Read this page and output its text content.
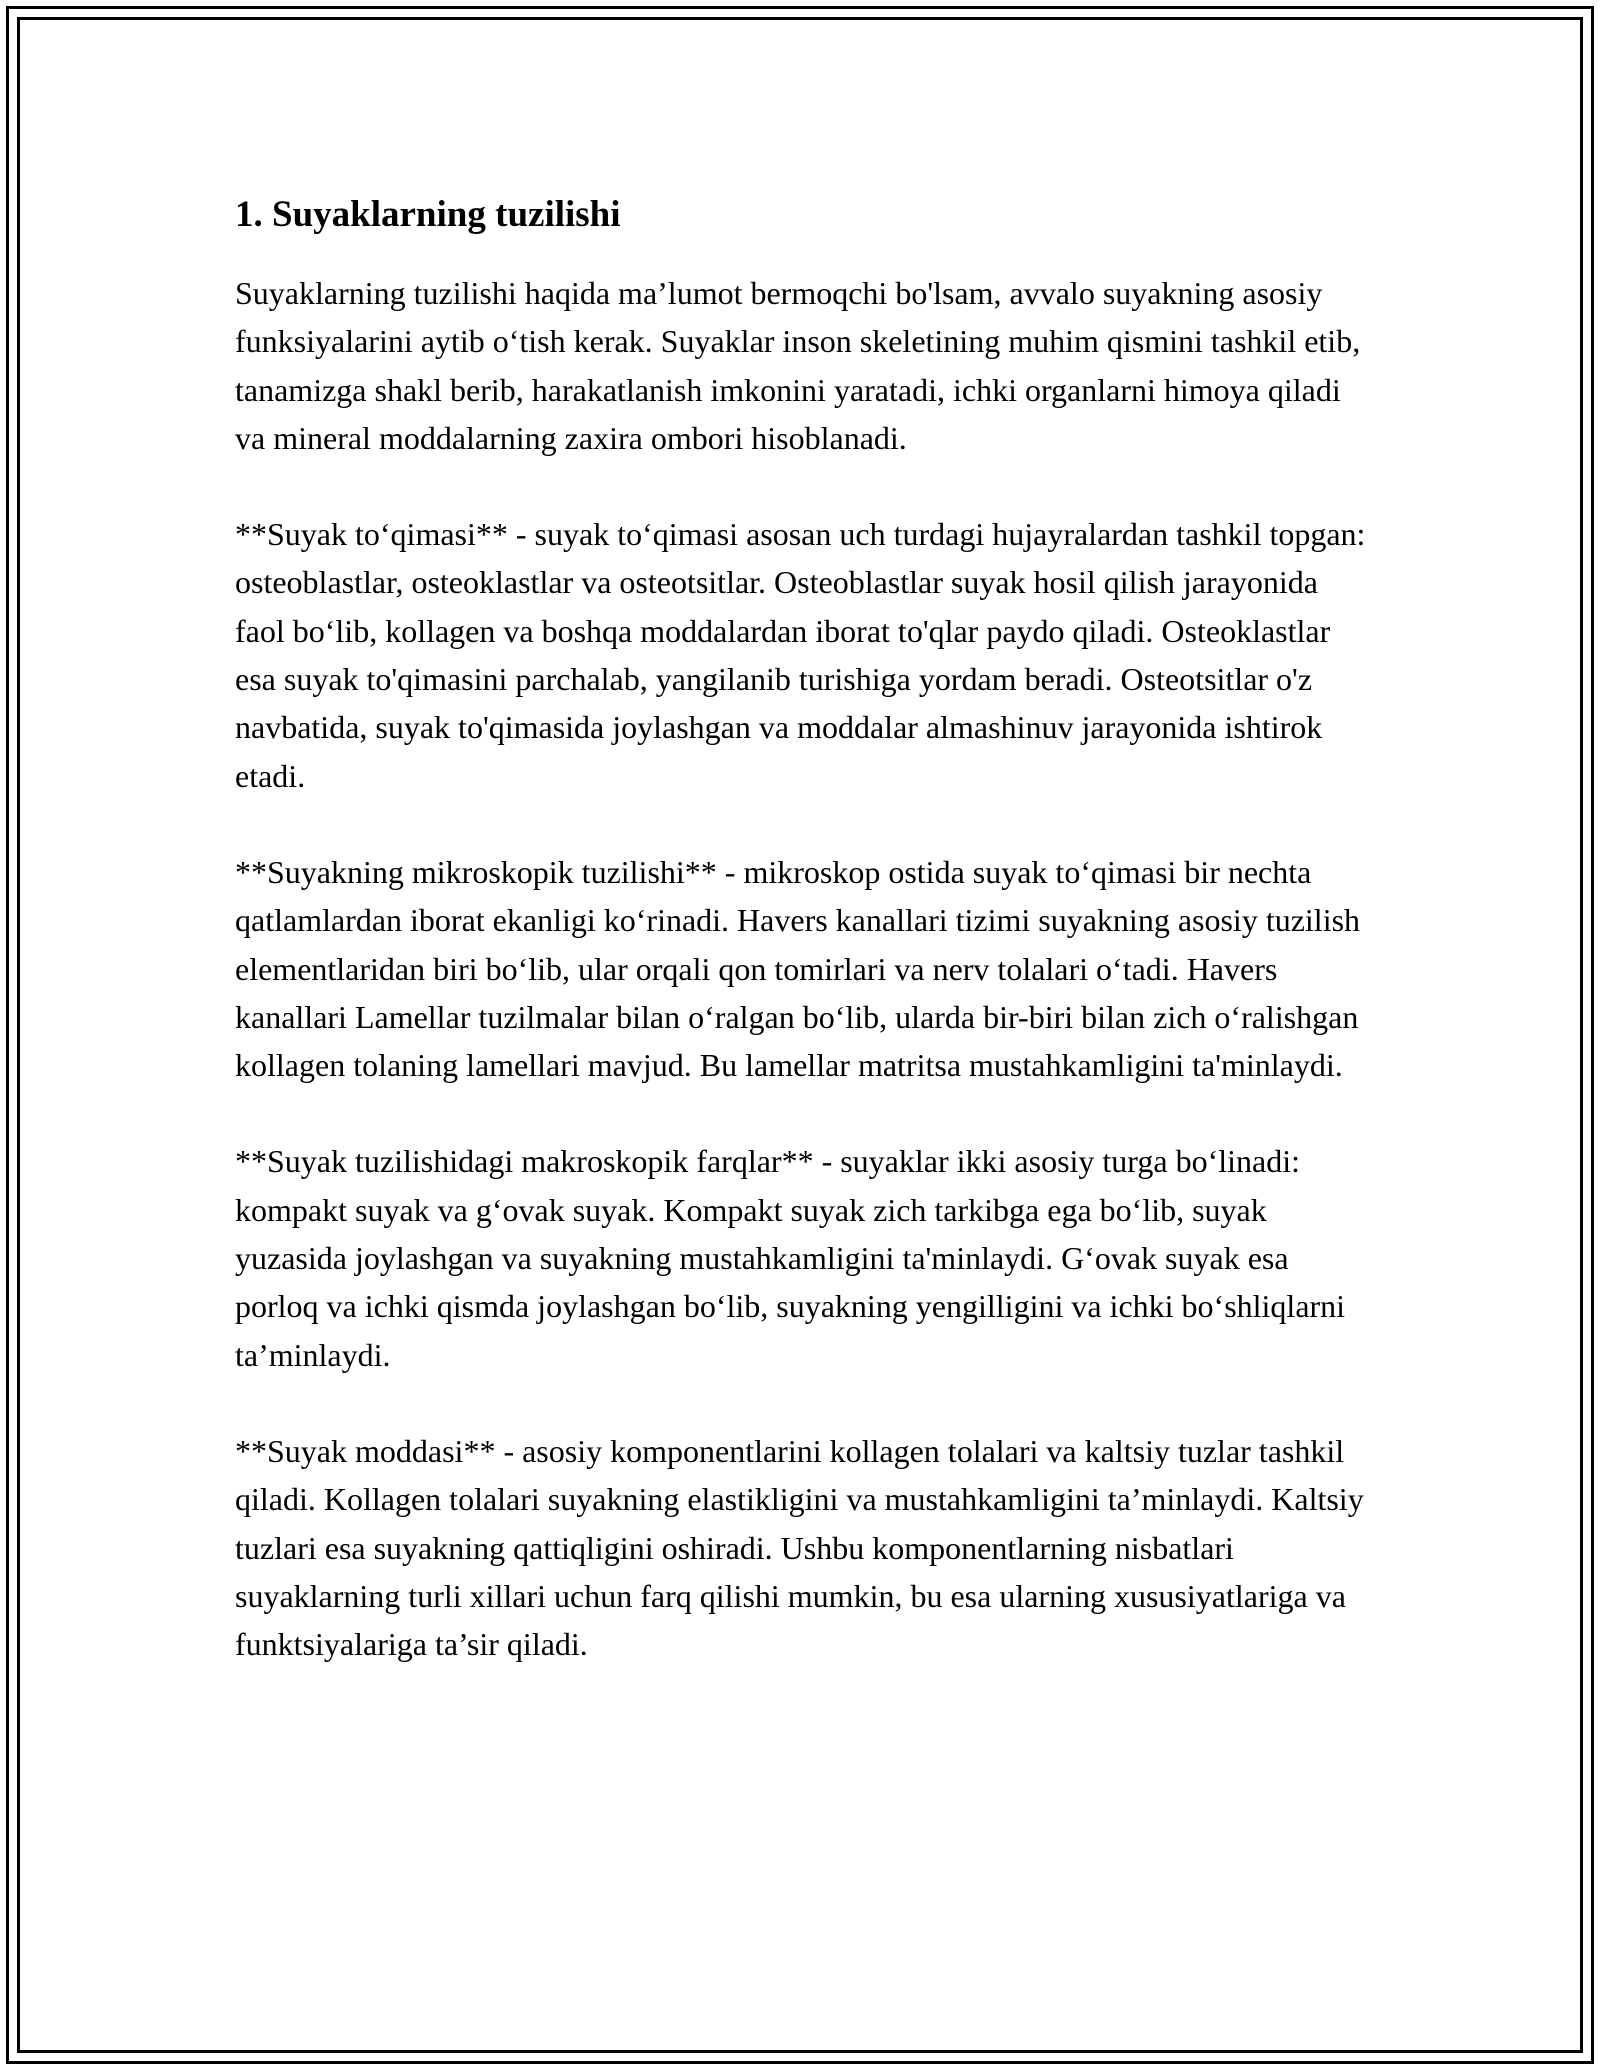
1. Suyaklarning tuzilishi

Suyaklarning tuzilishi haqida ma’lumot bermoqchi bo'lsam, avvalo suyakning asosiy funksiyalarini aytib o‘tish kerak. Suyaklar inson skeletining muhim qismini tashkil etib, tanamizga shakl berib, harakatlanish imkonini yaratadi, ichki organlarni himoya qiladi va mineral moddalarning zaxira ombori hisoblanadi.

**Suyak to‘qimasi** - suyak to‘qimasi asosan uch turdagi hujayralardan tashkil topgan: osteoblastlar, osteoklastlar va osteotsitlar. Osteoblastlar suyak hosil qilish jarayonida faol bo‘lib, kollagen va boshqa moddalardan iborat to'qlar paydo qiladi. Osteoklastlar esa suyak to'qimasini parchalab, yangilanib turishiga yordam beradi. Osteotsitlar o'z navbatida, suyak to'qimasida joylashgan va moddalar almashinuv jarayonida ishtirok etadi.

**Suyakning mikroskopik tuzilishi** - mikroskop ostida suyak to‘qimasi bir nechta qatlamlardan iborat ekanligi ko‘rinadi. Havers kanallari tizimi suyakning asosiy tuzilish elementlaridan biri bo‘lib, ular orqali qon tomirlari va nerv tolalari o‘tadi. Havers kanallari Lamellar tuzilmalar bilan o‘ralgan bo‘lib, ularda bir-biri bilan zich o‘ralishgan kollagen tolaning lamellari mavjud. Bu lamellar matritsa mustahkamligini ta'minlaydi.

**Suyak tuzilishidagi makroskopik farqlar** - suyaklar ikki asosiy turga bo‘linadi: kompakt suyak va g‘ovak suyak. Kompakt suyak zich tarkibga ega bo‘lib, suyak yuzasida joylashgan va suyakning mustahkamligini ta'minlaydi. G‘ovak suyak esa porloq va ichki qismda joylashgan bo‘lib, suyakning yengilligini va ichki bo‘shliqlarni ta’minlaydi.

**Suyak moddasi** - asosiy komponentlarini kollagen tolalari va kaltsiy tuzlar tashkil qiladi. Kollagen tolalari suyakning elastikligini va mustahkamligini ta’minlaydi. Kaltsiy tuzlari esa suyakning qattiqligini oshiradi. Ushbu komponentlarning nisbatlari suyaklarning turli xillari uchun farq qilishi mumkin, bu esa ularning xususiyatlariga va funktsiyalariga ta’sir qiladi.
